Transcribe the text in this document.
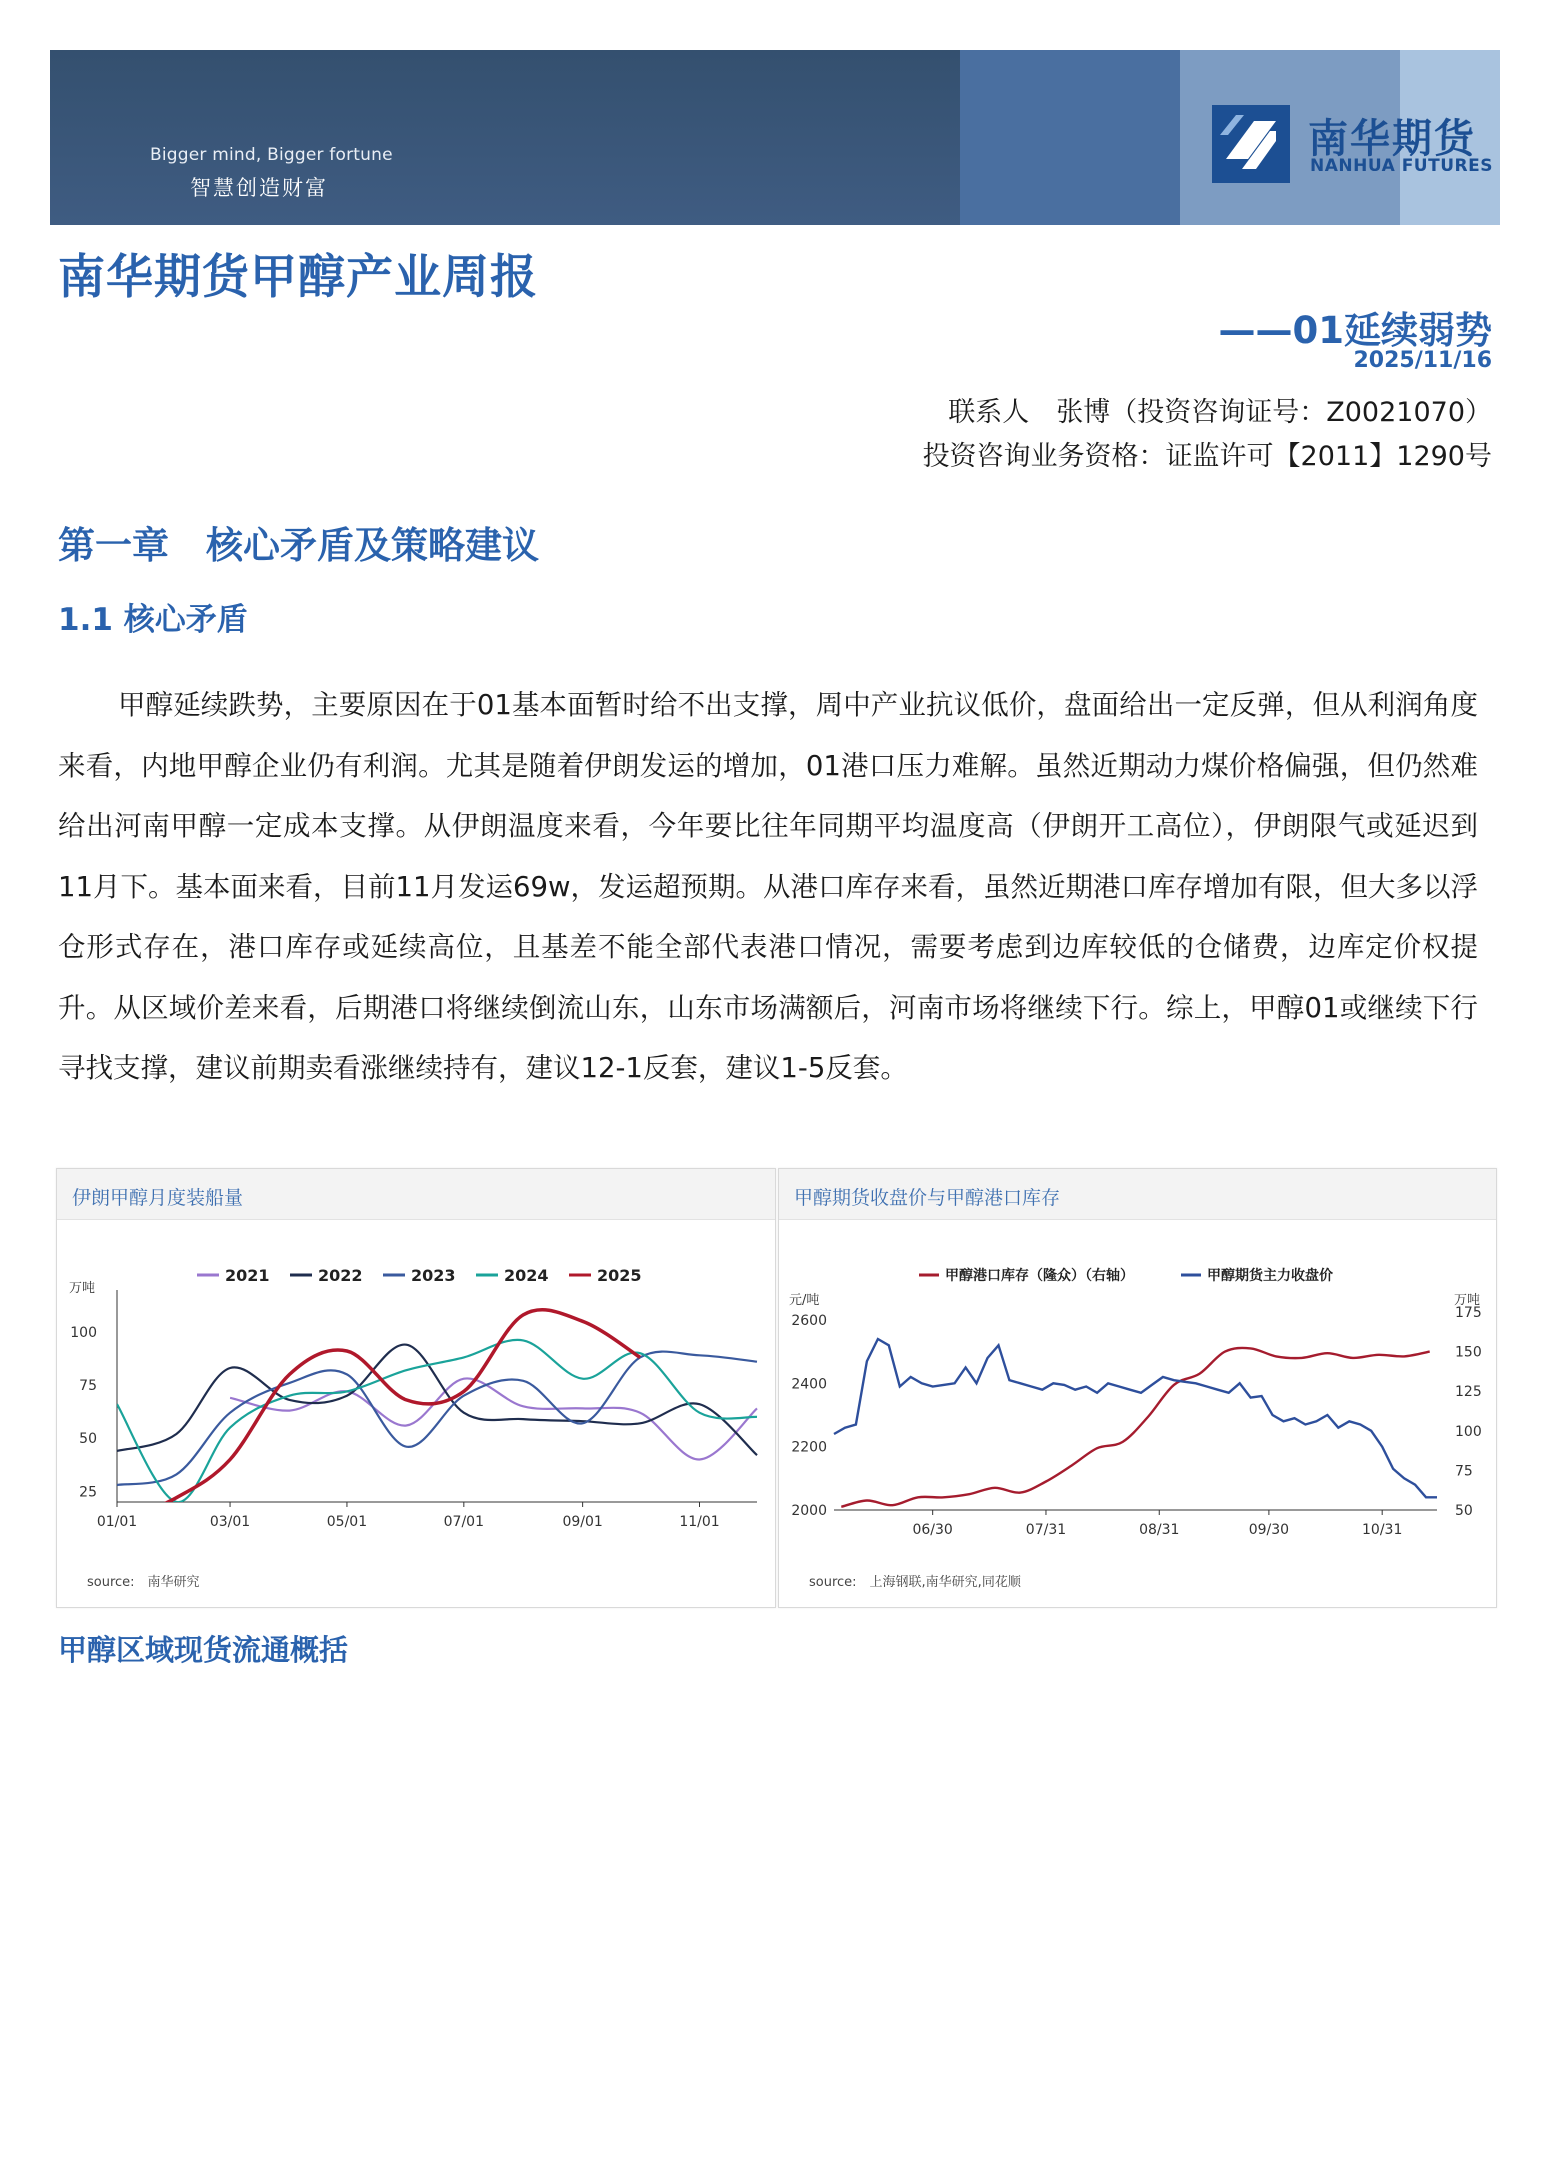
Bigger mind, Bigger fortune
智慧创造财富
南华期货
NANHUA FUTURES
南华期货甲醇产业周报
——01延续弱势
2025/11/16
联系人　张博（投资咨询证号：Z0021070）
投资咨询业务资格：证监许可【2011】1290号
第一章　核心矛盾及策略建议
1.1 核心矛盾

甲醇延续跌势，主要原因在于01基本面暂时给不出支撑，周中产业抗议低价，盘面给出一定反弹，但从利润角度来看，内地甲醇企业仍有利润。尤其是随着伊朗发运的增加，01港口压力难解。虽然近期动力煤价格偏强，但仍然难给出河南甲醇一定成本支撑。从伊朗温度来看，今年要比往年同期平均温度高（伊朗开工高位），伊朗限气或延迟到11月下。基本面来看，目前11月发运69w，发运超预期。从港口库存来看，虽然近期港口库存增加有限，但大多以浮仓形式存在，港口库存或延续高位，且基差不能全部代表港口情况，需要考虑到边库较低的仓储费，边库定价权提升。从区域价差来看，后期港口将继续倒流山东，山东市场满额后，河南市场将继续下行。综上，甲醇01或继续下行寻找支撑，建议前期卖看涨继续持有，建议12-1反套，建议1-5反套。

伊朗甲醇月度装船量
万吨
25
50
75
100
01/01	03/01	05/01	07/01	09/01	11/01
2021	2022	2023	2024	2025
source:　南华研究
甲醇期货收盘价与甲醇港口库存
元/吨	万吨
2000
2200
2400
2600
50
75
100
125
150
175
06/30	07/31	08/31	09/30	10/31
甲醇港口库存（隆众）（右轴）	甲醇期货主力收盘价
source:　上海钢联,南华研究,同花顺
甲醇区域现货流通概括
